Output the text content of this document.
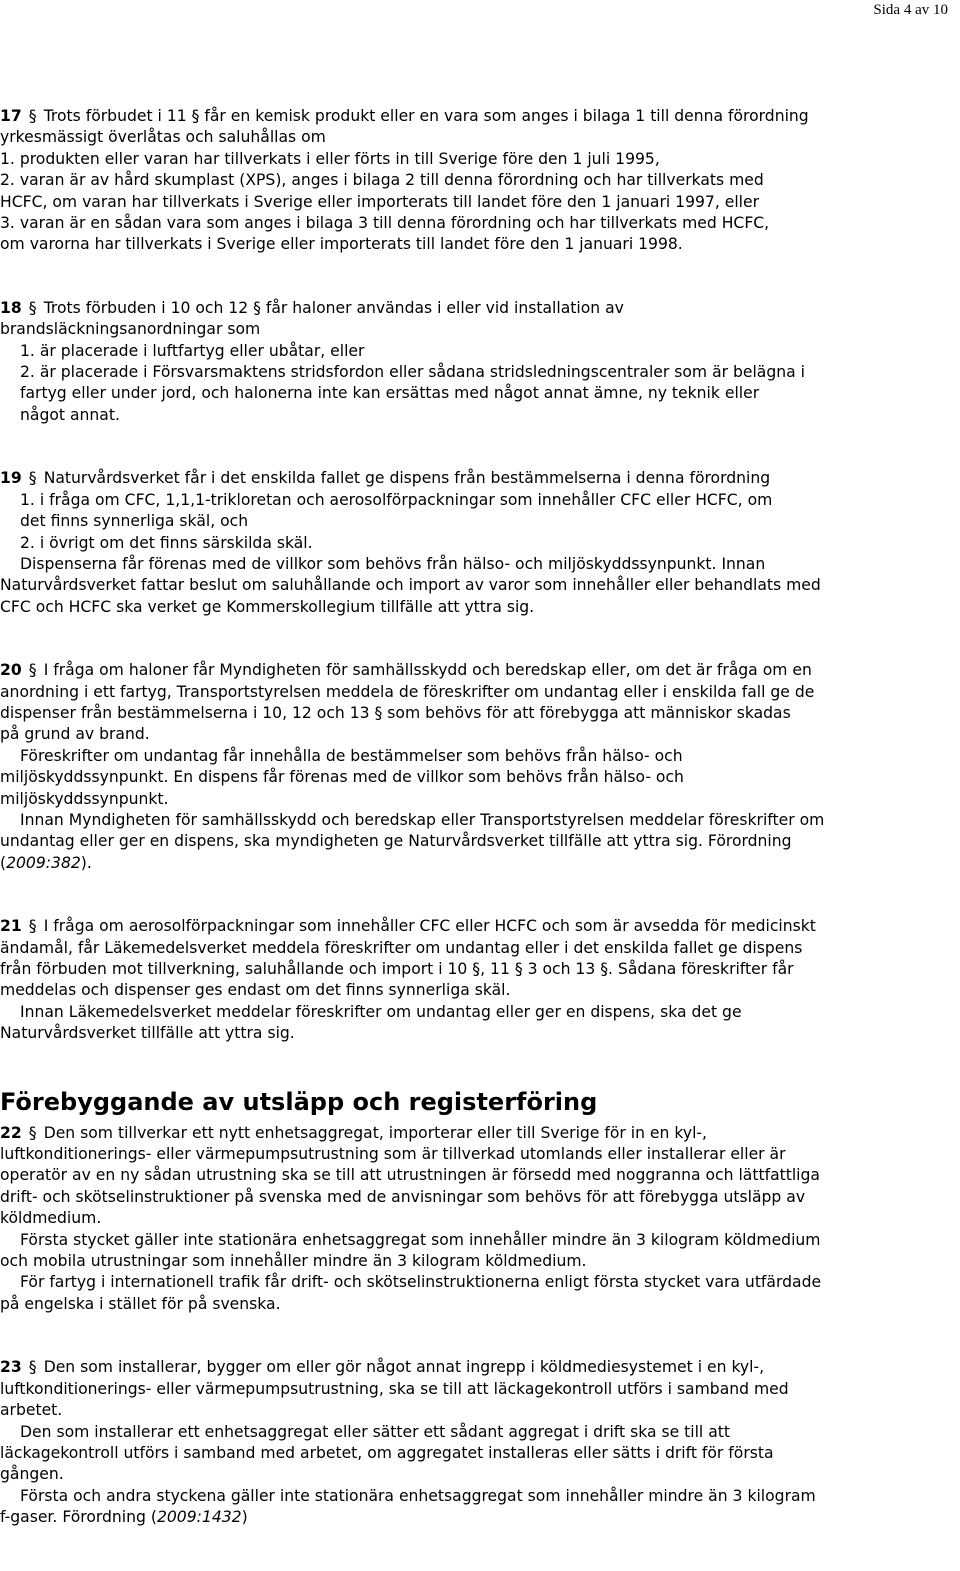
Sida 4 av 10
17 § Trots förbudet i 11 § får en kemisk produkt eller en vara som anges i bilaga 1 till denna förordning
yrkesmässigt överlåtas och saluhållas om
1. produkten eller varan har tillverkats i eller förts in till Sverige före den 1 juli 1995,
2. varan är av hård skumplast (XPS), anges i bilaga 2 till denna förordning och har tillverkats med
HCFC, om varan har tillverkats i Sverige eller importerats till landet före den 1 januari 1997, eller
3. varan är en sådan vara som anges i bilaga 3 till denna förordning och har tillverkats med HCFC,
om varorna har tillverkats i Sverige eller importerats till landet före den 1 januari 1998.
18 § Trots förbuden i 10 och 12 § får haloner användas i eller vid installation av
brandsläckningsanordningar som
1. är placerade i luftfartyg eller ubåtar, eller
2. är placerade i Försvarsmaktens stridsfordon eller sådana stridsledningscentraler som är belägna i
fartyg eller under jord, och halonerna inte kan ersättas med något annat ämne, ny teknik eller
något annat.
19 § Naturvårdsverket får i det enskilda fallet ge dispens från bestämmelserna i denna förordning
1. i fråga om CFC, 1,1,1-trikloretan och aerosolförpackningar som innehåller CFC eller HCFC, om
det finns synnerliga skäl, och
2. i övrigt om det finns särskilda skäl.
Dispenserna får förenas med de villkor som behövs från hälso- och miljöskyddssynpunkt. Innan
Naturvårdsverket fattar beslut om saluhållande och import av varor som innehåller eller behandlats med
CFC och HCFC ska verket ge Kommerskollegium tillfälle att yttra sig.
20 § I fråga om haloner får Myndigheten för samhällsskydd och beredskap eller, om det är fråga om en
anordning i ett fartyg, Transportstyrelsen meddela de föreskrifter om undantag eller i enskilda fall ge de
dispenser från bestämmelserna i 10, 12 och 13 § som behövs för att förebygga att människor skadas
på grund av brand.
Föreskrifter om undantag får innehålla de bestämmelser som behövs från hälso- och
miljöskyddssynpunkt. En dispens får förenas med de villkor som behövs från hälso- och
miljöskyddssynpunkt.
Innan Myndigheten för samhällsskydd och beredskap eller Transportstyrelsen meddelar föreskrifter om
undantag eller ger en dispens, ska myndigheten ge Naturvårdsverket tillfälle att yttra sig. Förordning
(2009:382).
21 § I fråga om aerosolförpackningar som innehåller CFC eller HCFC och som är avsedda för medicinskt
ändamål, får Läkemedelsverket meddela föreskrifter om undantag eller i det enskilda fallet ge dispens
från förbuden mot tillverkning, saluhållande och import i 10 §, 11 § 3 och 13 §. Sådana föreskrifter får
meddelas och dispenser ges endast om det finns synnerliga skäl.
Innan Läkemedelsverket meddelar föreskrifter om undantag eller ger en dispens, ska det ge
Naturvårdsverket tillfälle att yttra sig.
Förebyggande av utsläpp och registerföring
22 § Den som tillverkar ett nytt enhetsaggregat, importerar eller till Sverige för in en kyl-,
luftkonditionerings- eller värmepumpsutrustning som är tillverkad utomlands eller installerar eller är
operatör av en ny sådan utrustning ska se till att utrustningen är försedd med noggranna och lättfattliga
drift- och skötselinstruktioner på svenska med de anvisningar som behövs för att förebygga utsläpp av
köldmedium.
Första stycket gäller inte stationära enhetsaggregat som innehåller mindre än 3 kilogram köldmedium
och mobila utrustningar som innehåller mindre än 3 kilogram köldmedium.
För fartyg i internationell trafik får drift- och skötselinstruktionerna enligt första stycket vara utfärdade
på engelska i stället för på svenska.
23 § Den som installerar, bygger om eller gör något annat ingrepp i köldmediesystemet i en kyl-,
luftkonditionerings- eller värmepumpsutrustning, ska se till att läckagekontroll utförs i samband med
arbetet.
Den som installerar ett enhetsaggregat eller sätter ett sådant aggregat i drift ska se till att
läckagekontroll utförs i samband med arbetet, om aggregatet installeras eller sätts i drift för första
gången.
Första och andra styckena gäller inte stationära enhetsaggregat som innehåller mindre än 3 kilogram
f-gaser. Förordning (2009:1432)
